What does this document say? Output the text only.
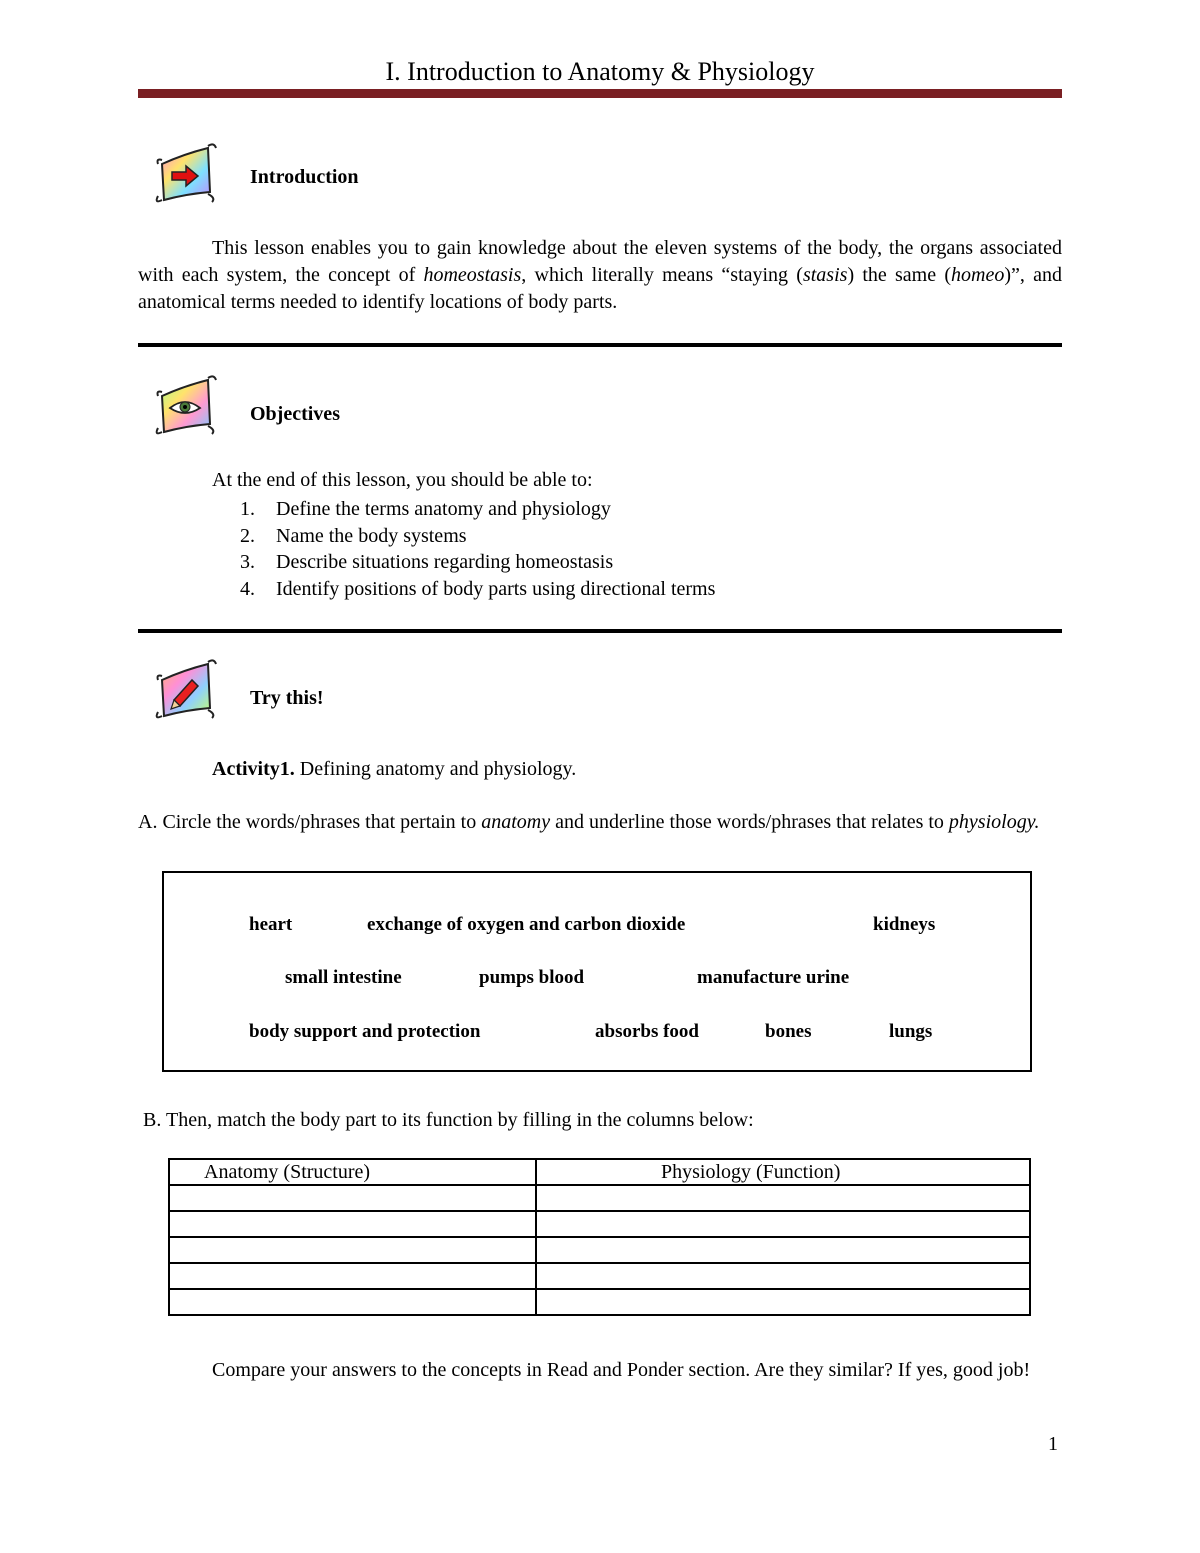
I. Introduction to Anatomy & Physiology
Introduction
This lesson enables you to gain knowledge about the eleven systems of the body, the organs associated with each system, the concept of homeostasis, which literally means “staying (stasis) the same (homeo)”, and anatomical terms needed to identify locations of body parts.
Objectives
At the end of this lesson, you should be able to:
1. Define the terms anatomy and physiology
2. Name the body systems
3. Describe situations regarding homeostasis
4. Identify positions of body parts using directional terms
Try this!
Activity1. Defining anatomy and physiology.
A. Circle the words/phrases that pertain to anatomy and underline those words/phrases that relates to physiology.
heart	exchange of oxygen and carbon dioxide	kidneys
small intestine	pumps blood	manufacture urine
body support and protection	absorbs food	bones	lungs
B. Then, match the body part to its function by filling in the columns below:
Anatomy (Structure)	Physiology (Function)

Compare your answers to the concepts in Read and Ponder section. Are they similar? If yes, good job!
1
